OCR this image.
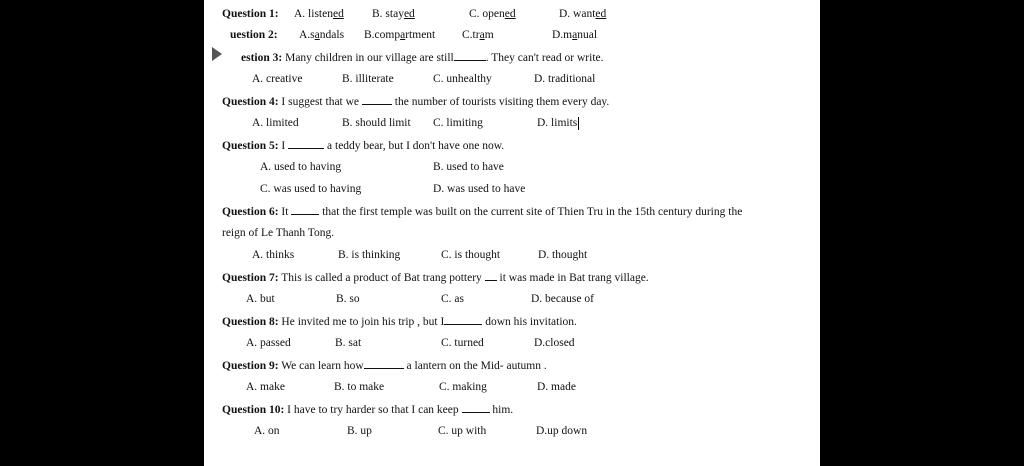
Question 1: A. listened B. stayed	C. opened	D. wanted
uestion 2: A.sandals B.compartment C.tram	D.manual
estion 3: Many children in our village are still	. They can't read or write.
A. creative	B. illiterate	C. unhealthy	D. traditional
Question 4: I suggest that we	the number of tourists visiting them every day.
A. limited	B. should limit C. limiting	D. limits
Question 5: I	a teddy bear, but I don't have one now.
A. used to having	B. used to have
C. was used to having	D. was used to have
Question 6: It	that the first temple was built on the current site of Thien Tru in the 15th century during the
reign of Le Thanh Tong.
A. thinks	B. is thinking	C. is thought	D. thought
Question 7: This is called a product of Bat trang pottery it was made in Bat trang village.
A. but	B. so	C. as	D. because of
Question 8: He invited me to join his trip , but I	down his invitation.
A. passed	B. sat	C. turned	D.closed
Question 9: We can learn how	a lantern on the Mid- autumn .
A. make	B. to make	C. making	D. made
Question 10: I have to try harder so that I can keep	him.
A. on	B. up	C. up with	D.up down
